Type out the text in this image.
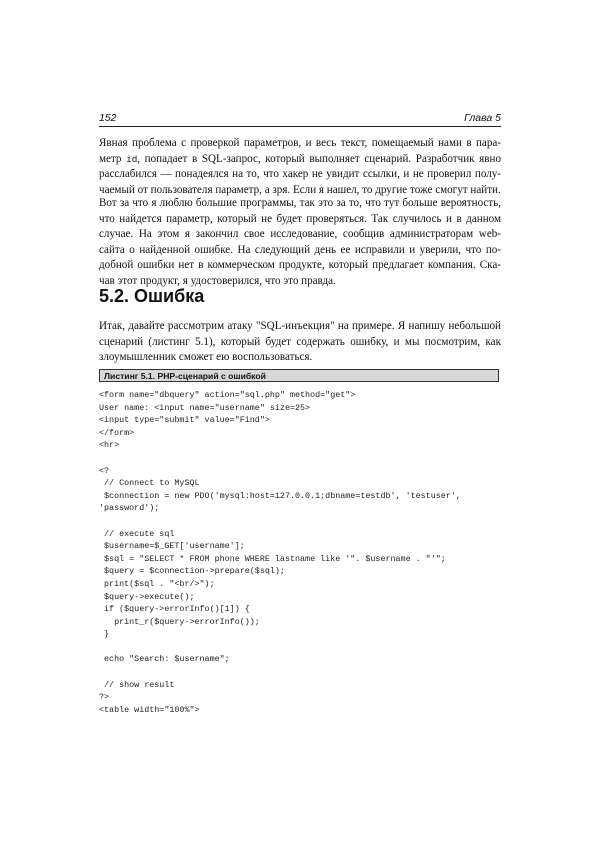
152	Глава 5
Явная проблема с проверкой параметров, и весь текст, помещаемый нами в пара-
метр id, попадает в SQL-запрос, который выполняет сценарий. Разработчик явно
расслабился — понадеялся на то, что хакер не увидит ссылки, и не проверил полу-
чаемый от пользователя параметр, а зря. Если я нашел, то другие тоже смогут найти.
Вот за что я люблю большие программы, так это за то, что тут больше вероятность,
что найдется параметр, который не будет проверяться. Так случилось и в данном
случае. На этом я закончил свое исследование, сообщив администраторам web-
сайта о найденной ошибке. На следующий день ее исправили и уверили, что по-
добной ошибки нет в коммерческом продукте, который предлагает компания. Ска-
чав этот продукт, я удостоверился, что это правда.
5.2. Ошибка
Итак, давайте рассмотрим атаку "SQL-инъекция" на примере. Я напишу небольшой
сценарий (листинг 5.1), который будет содержать ошибку, и мы посмотрим, как
злоумышленник сможет ею воспользоваться.
Листинг 5.1. PHP-сценарий с ошибкой
<form name="dbquery" action="sql.php" method="get">
User name: <input name="username" size=25>
<input type="submit" value="Find">
</form>
<hr>
<?
// Connect to MySQL
$connection = new PDO('mysql:host=127.0.0.1;dbname=testdb', 'testuser',
'password');
// execute sql
$username=$_GET['username'];
$sql = "SELECT * FROM phone WHERE lastname like '". $username . "'";
$query = $connection->prepare($sql);
print($sql . "<br/>");
$query->execute();
if ($query->errorInfo()[1]) {
print_r($query->errorInfo());
}
echo "Search: $username";
// show result
?>
<table width="100%">
